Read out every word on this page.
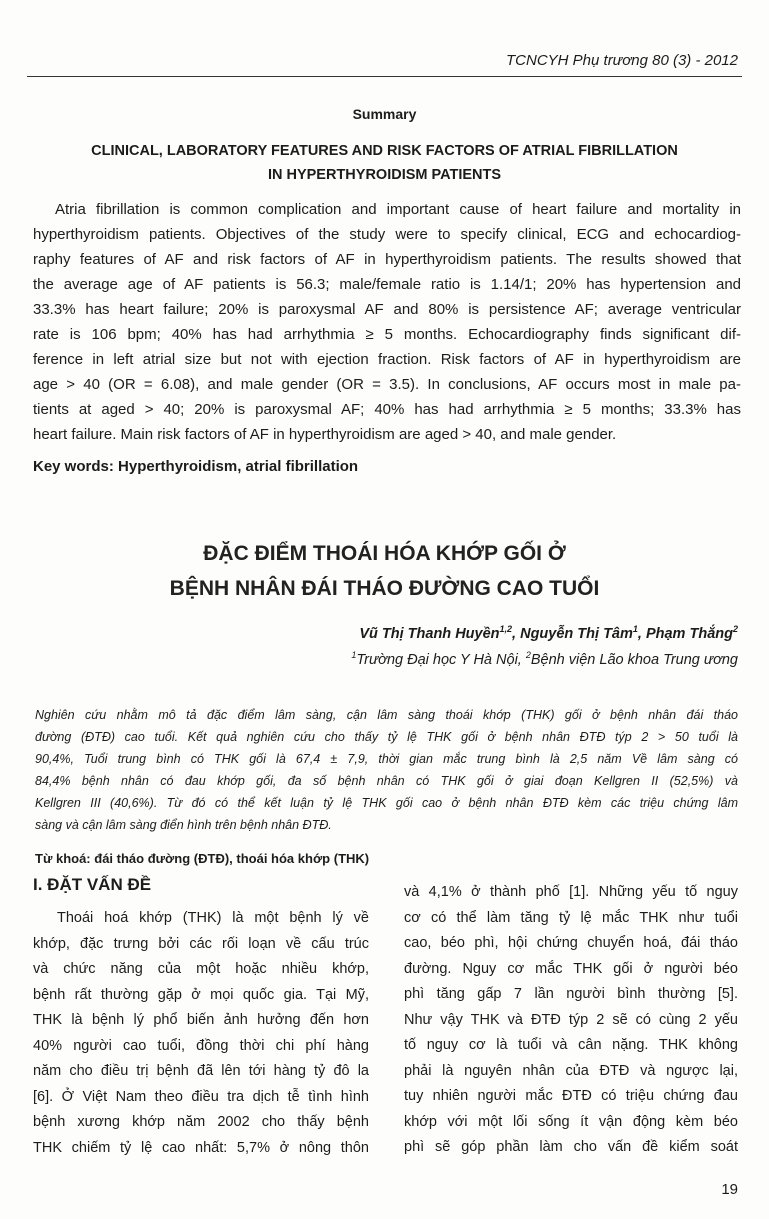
TCNCYH Phụ trương 80 (3) - 2012
Summary
CLINICAL, LABORATORY FEATURES AND RISK FACTORS OF ATRIAL FIBRILLATION
IN HYPERTHYROIDISM PATIENTS
Atria fibrillation is common complication and important cause of heart failure and mortality in
hyperthyroidism patients. Objectives of the study were to specify clinical, ECG and echocardiog-
raphy features of AF and risk factors of AF in hyperthyroidism patients. The results showed that
the average age of AF patients is 56.3; male/female ratio is 1.14/1; 20% has hypertension and
33.3% has heart failure; 20% is paroxysmal AF and 80% is persistence AF; average ventricular
rate is 106 bpm; 40% has had arrhythmia ≥ 5 months. Echocardiography finds significant dif-
ference in left atrial size but not with ejection fraction. Risk factors of AF in hyperthyroidism are
age > 40 (OR = 6.08), and male gender (OR = 3.5). In conclusions, AF occurs most in male pa-
tients at aged > 40; 20% is paroxysmal AF; 40% has had arrhythmia ≥ 5 months; 33.3% has
heart failure. Main risk factors of AF in hyperthyroidism are aged > 40, and male gender.
Key words: Hyperthyroidism, atrial fibrillation
ĐẶC ĐIỂM THOÁI HÓA KHỚP GỐI Ở
BỆNH NHÂN ĐÁI THÁO ĐƯỜNG CAO TUỔI
Vũ Thị Thanh Huyền$^{1,2}$, Nguyễn Thị Tâm$^1$, Phạm Thắng$^2$
$^1$Trường Đại học Y Hà Nội, $^2$Bệnh viện Lão khoa Trung ương
Nghiên cứu nhằm mô tả đặc điểm lâm sàng, cận lâm sàng thoái khớp (THK) gối ở bệnh nhân đái tháo
đường (ĐTĐ) cao tuổi. Kết quả nghiên cứu cho thấy tỷ lệ THK gối ở bệnh nhân ĐTĐ týp 2 > 50 tuổi là
90,4%, Tuổi trung bình có THK gối là 67,4 ± 7,9, thời gian mắc trung bình là 2,5 năm Về lâm sàng có
84,4% bệnh nhân có đau khớp gối, đa số bệnh nhân có THK gối ở giai đoạn Kellgren II (52,5%) và
Kellgren III (40,6%). Từ đó có thể kết luận tỷ lệ THK gối cao ở bệnh nhân ĐTĐ kèm các triệu chứng lâm
sàng và cận lâm sàng điển hình trên bệnh nhân ĐTĐ.
Từ khoá: đái tháo đường (ĐTĐ), thoái hóa khớp (THK)
I. ĐẶT VẤN ĐỀ
Thoái hoá khớp (THK) là một bệnh lý về
khớp, đặc trưng bởi các rối loạn về cấu trúc
và chức năng của một hoặc nhiều khớp,
bệnh rất thường gặp ở mọi quốc gia. Tại Mỹ,
THK là bệnh lý phổ biến ảnh hưởng đến hơn
40% người cao tuổi, đồng thời chi phí hàng
năm cho điều trị bệnh đã lên tới hàng tỷ đô la
[6]. Ở Việt Nam theo điều tra dịch tễ tình hình
bệnh xương khớp năm 2002 cho thấy bệnh
THK chiếm tỷ lệ cao nhất: 5,7% ở nông thôn
và 4,1% ở thành phố [1]. Những yếu tố nguy
cơ có thể làm tăng tỷ lệ mắc THK như tuổi
cao, béo phì, hội chứng chuyển hoá, đái tháo
đường. Nguy cơ mắc THK gối ở người béo
phì tăng gấp 7 lần người bình thường [5].
Như vậy THK và ĐTĐ týp 2 sẽ có cùng 2 yếu
tố nguy cơ là tuổi và cân nặng. THK không
phải là nguyên nhân của ĐTĐ và ngược lại,
tuy nhiên người mắc ĐTĐ có triệu chứng đau
khớp với một lối sống ít vận động kèm béo
phì sẽ góp phần làm cho vấn đề kiểm soát
19
